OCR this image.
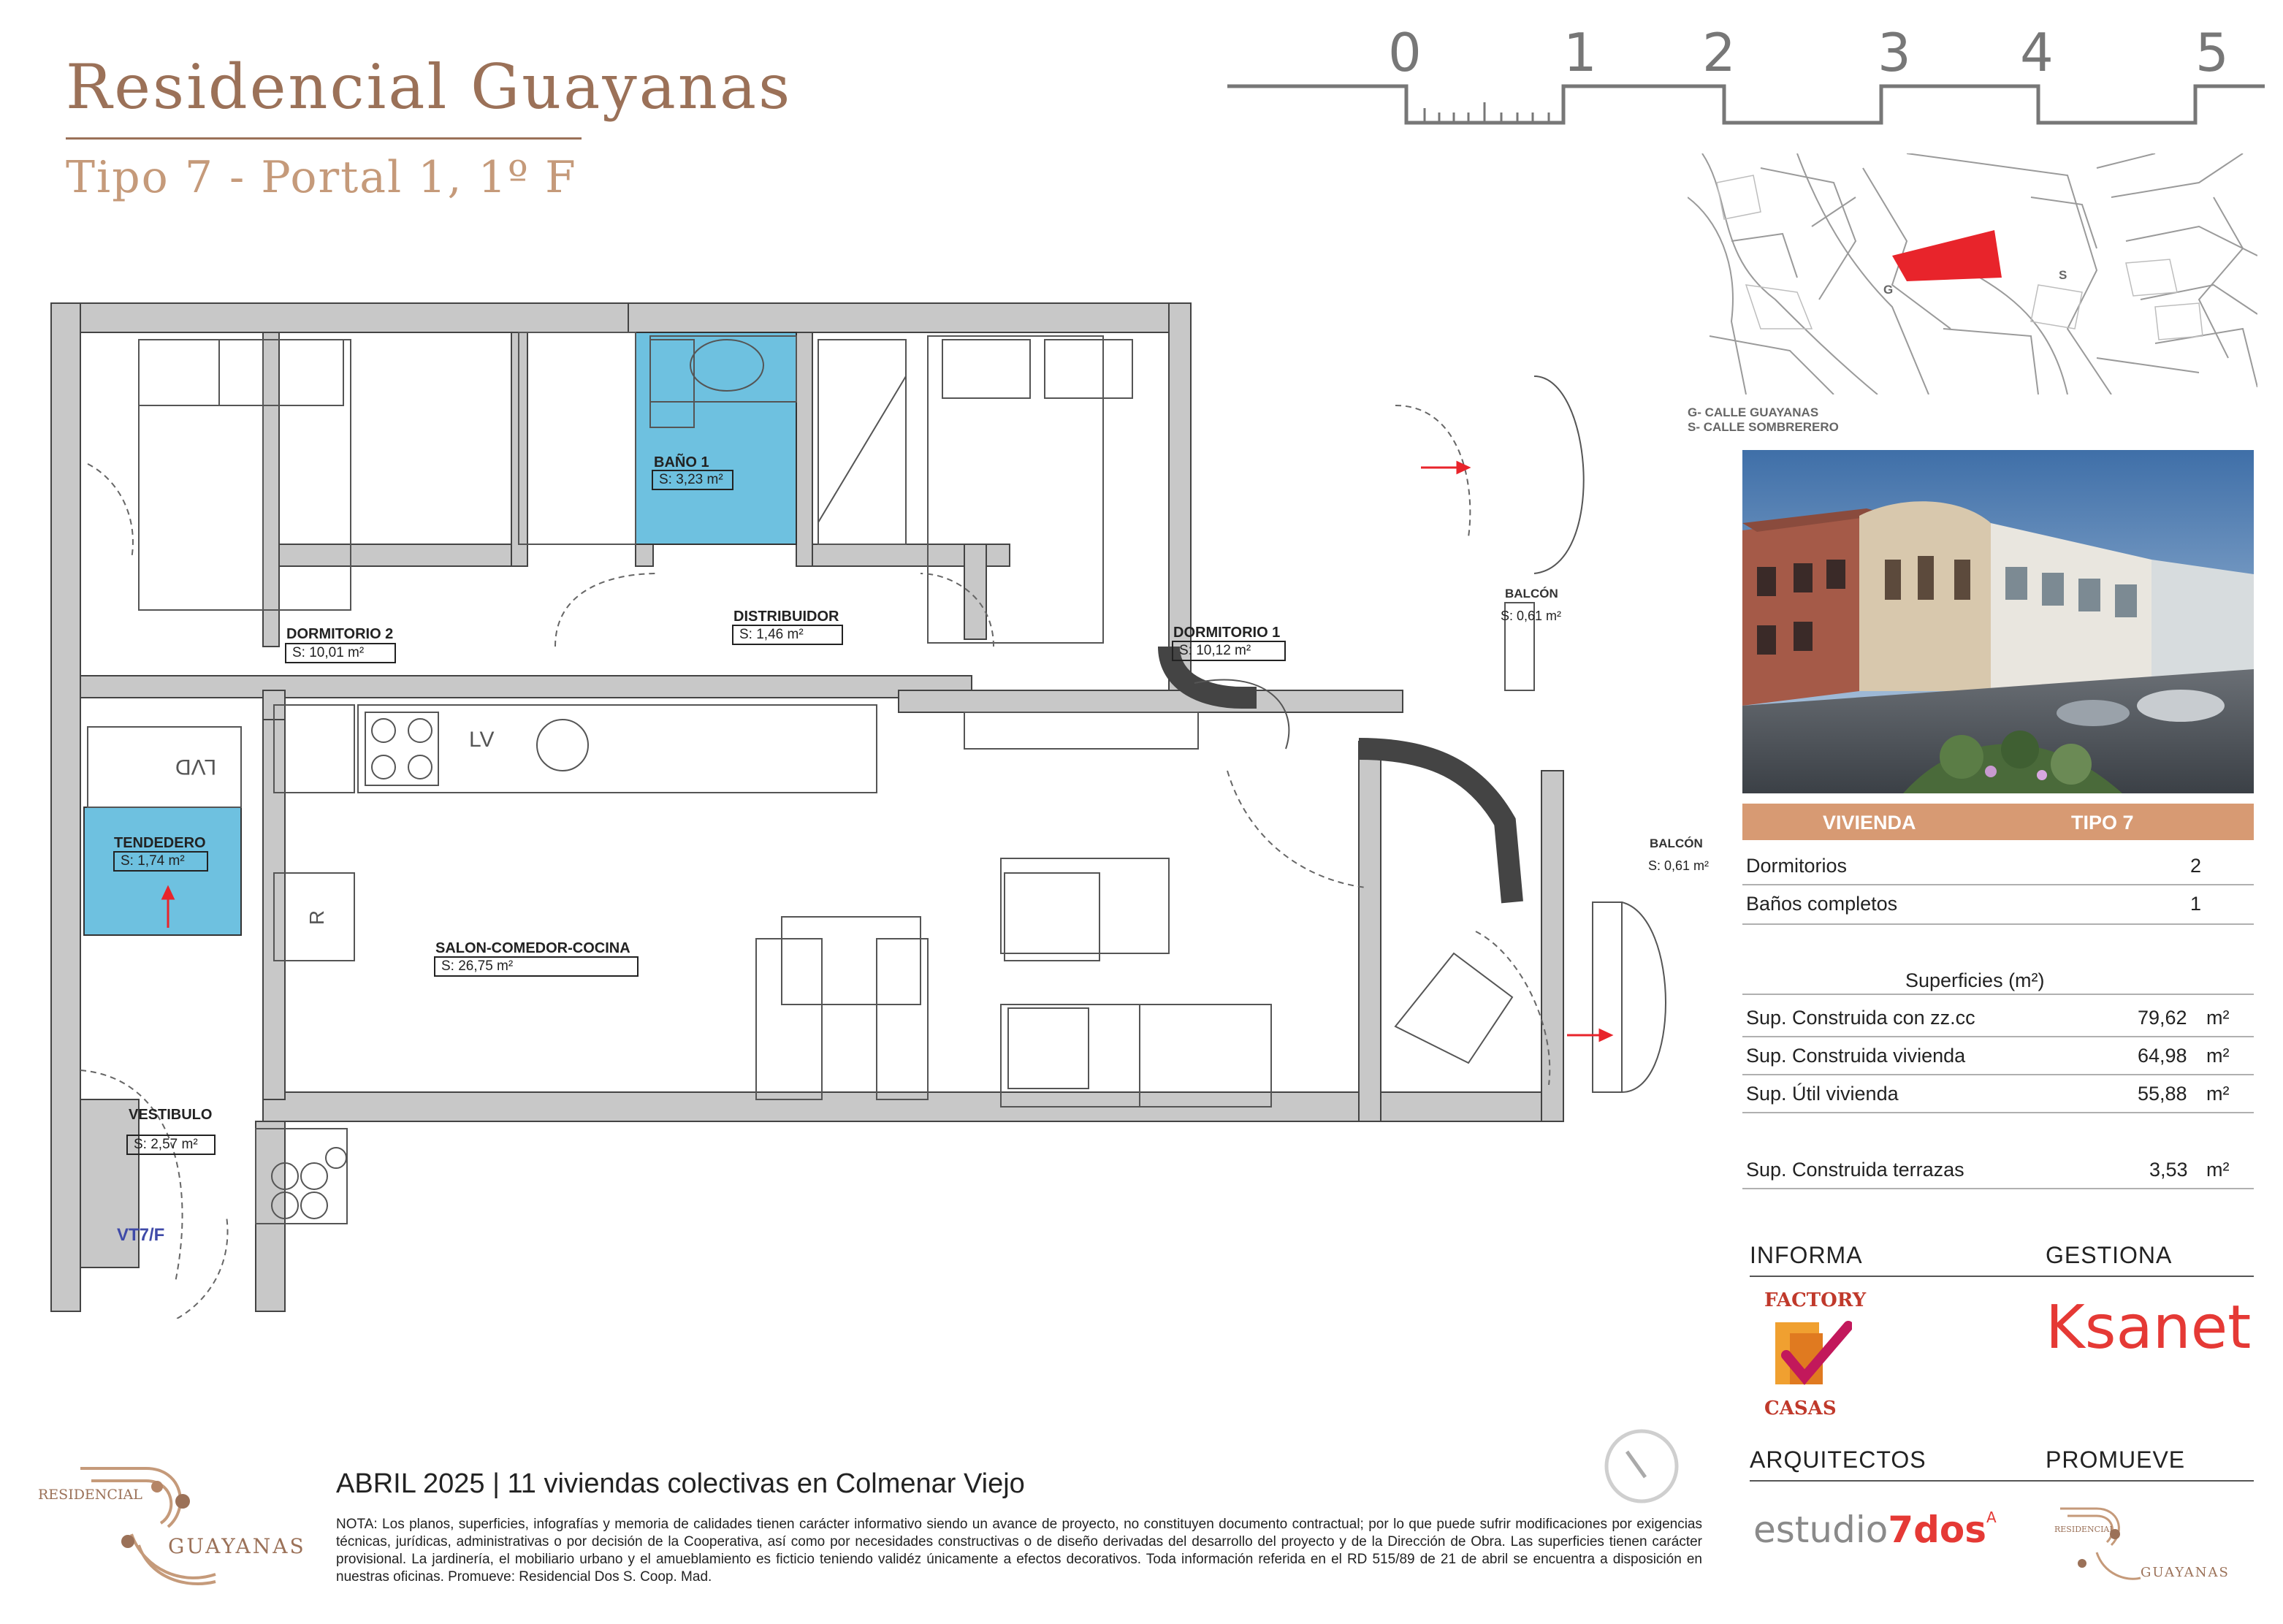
Residencial Guayanas
Tipo 7 - Portal 1, 1º F
0	1 2	3 4	5
G
S
G- CALLE GUAYANAS
S- CALLE SOMBRERERO
VIVIENDA	TIPO 7
Dormitorios	2
Baños completos	1
Superficies (m²)
Sup. Construida con zz.cc	79,62 m²
Sup. Construida vivienda	64,98 m²
Sup. Útil vivienda	55,88 m²
Sup. Construida terrazas	3,53 m²
INFORMA	GESTIONA
FACTORY
CASAS
Ksanet
ARQUITECTOS	PROMUEVE
estudio7dos$^A$
RESIDENCIAL
GUAYANAS
RESIDENCIAL
GUAYANAS
ABRIL 2025 | 11 viviendas colectivas en Colmenar Viejo
NOTA: Los planos, superficies, infografías y memoria de calidades tienen carácter informativo siendo un avance de proyecto, no constituyen documento contractual; por lo que puede sufrir modificaciones por exigencias técnicas, jurídicas, administrativas o por decisión de la Cooperativa, así como por necesidades constructivas o de diseño derivadas del desarrollo del proyecto y de la Dirección de Obra. Las superficies tienen carácter provisional. La jardinería, el mobiliario urbano y el amueblamiento es ficticio teniendo validéz únicamente a efectos decorativos. Toda información referida en el RD 515/89 de 21 de abril se encuentra a disposición en nuestras oficinas. Promueve: Residencial Dos S. Coop. Mad.
DORMITORIO 2
S: 10,01 m²
BAÑO 1
S: 3,23 m²
DISTRIBUIDOR
S: 1,46 m²	DORMITORIO 1
S: 10,12 m²
TENDEDERO
S: 1,74 m²
SALON-COMEDOR-COCINA
S: 26,75 m²
VESTIBULO
S: 2,57 m²
BALCÓN
S: 0,61 m²
BALCÓN
S: 0,61 m²
LV
LVD
R
VT7/F
